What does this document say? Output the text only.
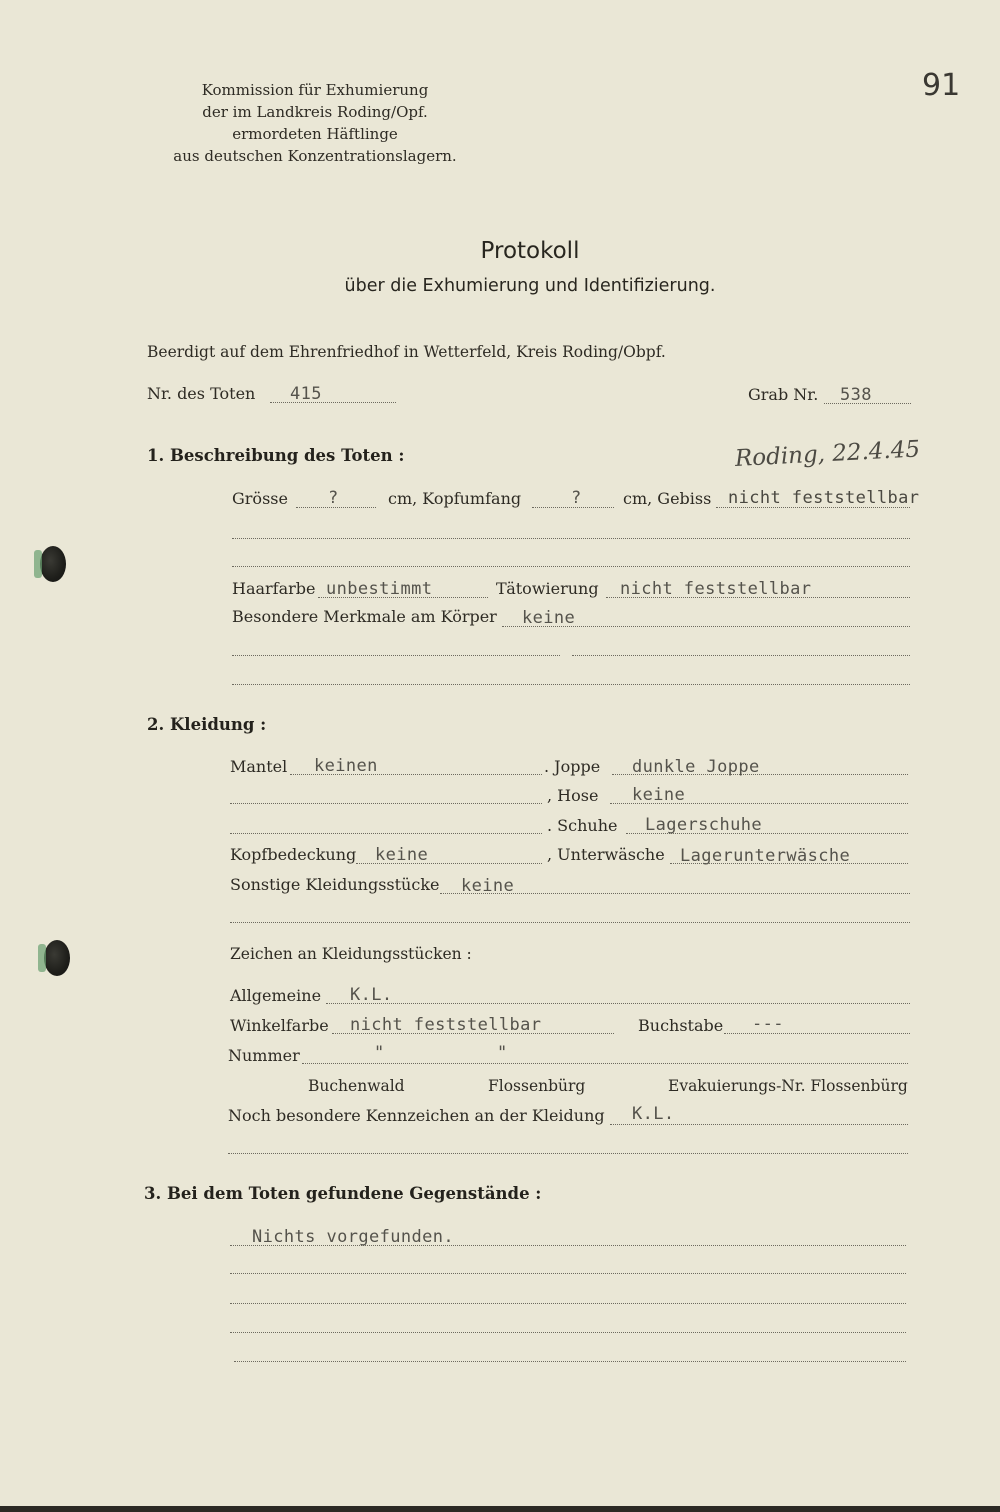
Kommission für Exhumierung
der im Landkreis Roding/Opf.
ermordeten Häftlinge
aus deutschen Konzentrationslagern.
91
Protokoll
über die Exhumierung und Identifizierung.
Beerdigt auf dem Ehrenfriedhof in Wetterfeld, Kreis Roding/Obpf.
Nr. des Toten 415	Grab Nr. 538
1. Beschreibung des Toten :	Roding, 22.4.45
Grösse ?	cm, Kopfumfang	?	cm, Gebiss nicht feststellbar
Haarfarbe unbestimmt	Tätowierung nicht feststellbar
Besondere Merkmale am Körper keine
2. Kleidung :
Mantel keinen	. Joppe dunkle Joppe
, Hose keine
. Schuhe Lagerschuhe
Kopfbedeckung keine	, Unterwäsche Lagerunterwäsche
Sonstige Kleidungsstücke keine
Zeichen an Kleidungsstücken :
Allgemeine K.L.
Winkelfarbe nicht feststellbar	Buchstabe ---
Nummer	"	"
Buchenwald	Flossenbürg	Evakuierungs-Nr. Flossenbürg
Noch besondere Kennzeichen an der Kleidung K.L.
3. Bei dem Toten gefundene Gegenstände :
Nichts vorgefunden.
